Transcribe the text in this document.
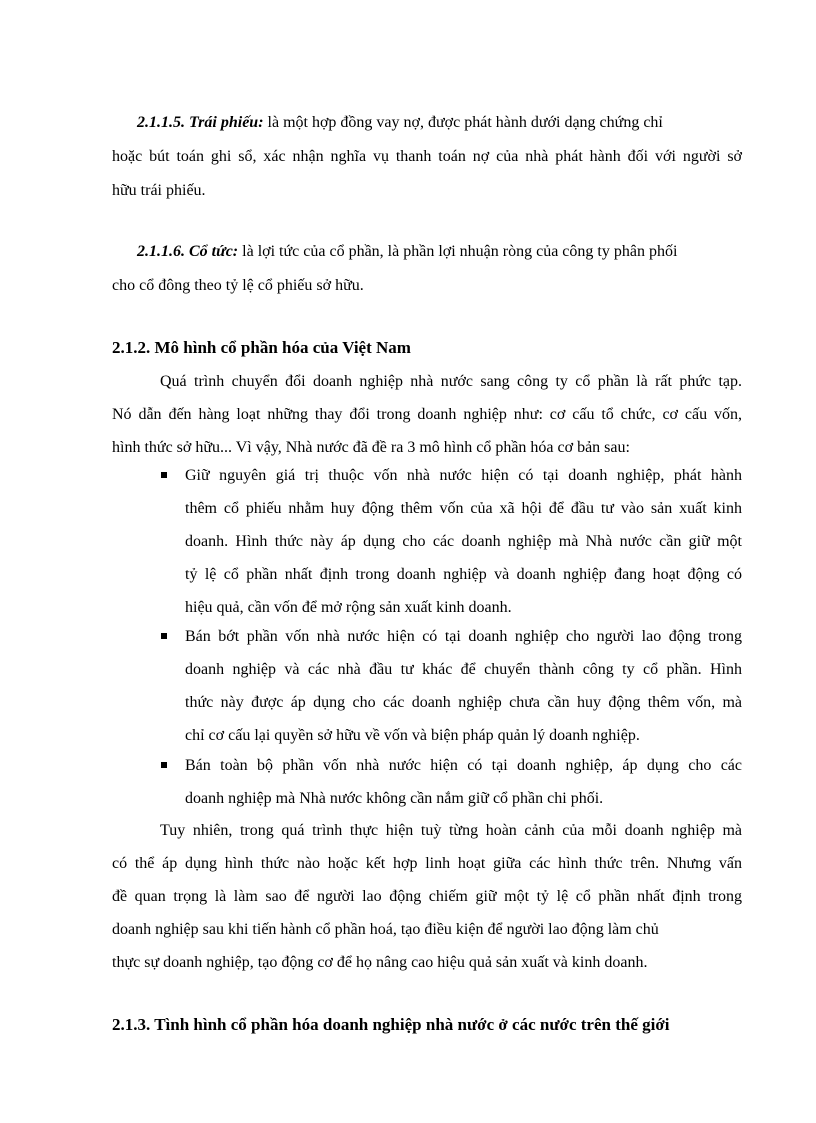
2.1.1.5. Trái phiếu: là một hợp đồng vay nợ, được phát hành dưới dạng chứng chỉ
hoặc bút toán ghi sổ, xác nhận nghĩa vụ thanh toán nợ của nhà phát hành đối với người sở
hữu trái phiếu.
2.1.1.6. Cổ tức: là lợi tức của cổ phần, là phần lợi nhuận ròng của công ty phân phối
cho cổ đông theo tỷ lệ cổ phiếu sở hữu.
2.1.2. Mô hình cổ phần hóa của Việt Nam
Quá trình chuyển đổi doanh nghiệp nhà nước sang công ty cổ phần là rất phức tạp.
Nó dẫn đến hàng loạt những thay đổi trong doanh nghiệp như: cơ cấu tổ chức, cơ cấu vốn,
hình thức sở hữu... Vì vậy, Nhà nước đã đề ra 3 mô hình cổ phần hóa cơ bản sau:
Giữ nguyên giá trị thuộc vốn nhà nước hiện có tại doanh nghiệp, phát hành
thêm cổ phiếu nhằm huy động thêm vốn của xã hội để đầu tư vào sản xuất kinh
doanh. Hình thức này áp dụng cho các doanh nghiệp mà Nhà nước cần giữ một
tỷ lệ cổ phần nhất định trong doanh nghiệp và doanh nghiệp đang hoạt động có
hiệu quả, cần vốn để mở rộng sản xuất kinh doanh.
Bán bớt phần vốn nhà nước hiện có tại doanh nghiệp cho người lao động trong
doanh nghiệp và các nhà đầu tư khác để chuyển thành công ty cổ phần. Hình
thức này được áp dụng cho các doanh nghiệp chưa cần huy động thêm vốn, mà
chỉ cơ cấu lại quyền sở hữu về vốn và biện pháp quản lý doanh nghiệp.
Bán toàn bộ phần vốn nhà nước hiện có tại doanh nghiệp, áp dụng cho các
doanh nghiệp mà Nhà nước không cần nắm giữ cổ phần chi phối.
Tuy nhiên, trong quá trình thực hiện tuỳ từng hoàn cảnh của mỗi doanh nghiệp mà
có thể áp dụng hình thức nào hoặc kết hợp linh hoạt giữa các hình thức trên. Nhưng vấn
đề quan trọng là làm sao để người lao động chiếm giữ một tỷ lệ cổ phần nhất định trong
doanh nghiệp sau khi tiến hành cổ phần hoá, tạo điều kiện để người lao động làm chủ
thực sự doanh nghiệp, tạo động cơ để họ nâng cao hiệu quả sản xuất và kinh doanh.
2.1.3. Tình hình cổ phần hóa doanh nghiệp nhà nước ở các nước trên thế giới
